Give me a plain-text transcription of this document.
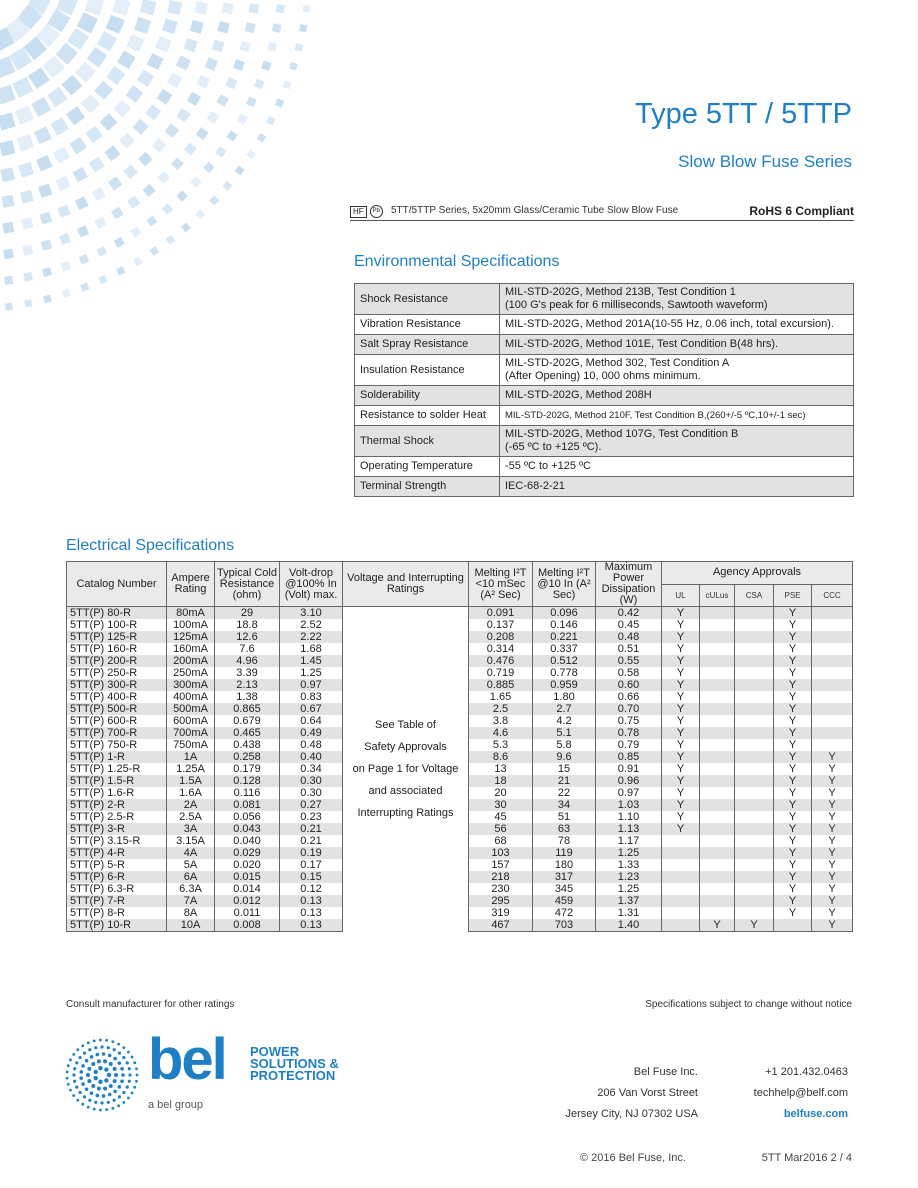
Type 5TT / 5TTP
Slow Blow Fuse Series
HF	Pb 5TT/5TTP Series, 5x20mm Glass/Ceramic Tube Slow Blow Fuse	RoHS 6 Compliant
Environmental Specifications
Shock Resistance	MIL-STD-202G, Method 213B, Test Condition 1
(100 G's peak for 6 milliseconds, Sawtooth waveform)

Vibration Resistance	MIL-STD-202G, Method 201A(10-55 Hz, 0.06 inch, total excursion).

Salt Spray Resistance	MIL-STD-202G, Method 101E, Test Condition B(48 hrs).

Insulation Resistance	MIL-STD-202G, Method 302, Test Condition A
(After Opening) 10, 000 ohms minimum.

Solderability	MIL-STD-202G, Method 208H

Resistance to solder Heat	MIL-STD-202G, Method 210F, Test Condition B,(260+/-5 ºC,10+/-1 sec)

Thermal Shock	MIL-STD-202G, Method 107G, Test Condition B
(-65 ºC to +125 ºC).

Operating Temperature	-55 ºC to +125 ºC

Terminal Strength	IEC-68-2-21
Electrical Specifications
Catalog Number	Ampere Rating	Typical Cold Resistance (ohm)	Volt-drop @100% In (Volt) max.	Voltage and Interrupting Ratings	Melting I²T <10 mSec (A² Sec)	Melting I²T @10 In (A² Sec)	Maximum Power Dissipation (W)	Agency Approvals				
								UL	cULus	CSA	PSE	CCC
5TT(P) 80-R	80mA	29	3.10	See Table of
Safety Approvals
on Page 1 for Voltage
and associated
Interrupting Ratings	0.091	0.096	0.42	Y			Y	
5TT(P) 100-R	100mA	18.8	2.52		0.137	0.146	0.45	Y			Y	
5TT(P) 125-R	125mA	12.6	2.22		0.208	0.221	0.48	Y			Y	
5TT(P) 160-R	160mA	7.6	1.68		0.314	0.337	0.51	Y			Y	
5TT(P) 200-R	200mA	4.96	1.45		0.476	0.512	0.55	Y			Y	
5TT(P) 250-R	250mA	3.39	1.25		0.719	0.778	0.58	Y			Y	
5TT(P) 300-R	300mA	2.13	0.97		0.885	0.959	0.60	Y			Y	
5TT(P) 400-R	400mA	1.38	0.83		1.65	1.80	0.66	Y			Y	
5TT(P) 500-R	500mA	0.865	0.67		2.5	2.7	0.70	Y			Y	
5TT(P) 600-R	600mA	0.679	0.64		3.8	4.2	0.75	Y			Y	
5TT(P) 700-R	700mA	0.465	0.49		4.6	5.1	0.78	Y			Y	
5TT(P) 750-R	750mA	0.438	0.48		5.3	5.8	0.79	Y			Y	
5TT(P) 1-R	1A	0.258	0.40		8.6	9.6	0.85	Y			Y	Y
5TT(P) 1.25-R	1.25A	0.179	0.34		13	15	0.91	Y			Y	Y
5TT(P) 1.5-R	1.5A	0.128	0.30		18	21	0.96	Y			Y	Y
5TT(P) 1.6-R	1.6A	0.116	0.30		20	22	0.97	Y			Y	Y
5TT(P) 2-R	2A	0.081	0.27		30	34	1.03	Y			Y	Y
5TT(P) 2.5-R	2.5A	0.056	0.23		45	51	1.10	Y			Y	Y
5TT(P) 3-R	3A	0.043	0.21		56	63	1.13	Y			Y	Y
5TT(P) 3.15-R	3.15A	0.040	0.21		68	78	1.17				Y	Y
5TT(P) 4-R	4A	0.029	0.19		103	119	1.25				Y	Y
5TT(P) 5-R	5A	0.020	0.17		157	180	1.33				Y	Y
5TT(P) 6-R	6A	0.015	0.15		218	317	1.23				Y	Y
5TT(P) 6.3-R	6.3A	0.014	0.12		230	345	1.25				Y	Y
5TT(P) 7-R	7A	0.012	0.13		295	459	1.37				Y	Y
5TT(P) 8-R	8A	0.011	0.13		319	472	1.31				Y	Y
5TT(P) 10-R	10A	0.008	0.13		467	703	1.40		Y	Y		Y
Consult manufacturer for other ratings	Specifications subject to change without notice
bel POWER
SOLUTIONS &
PROTECTION
a bel group
Bel Fuse Inc.
206 Van Vorst Street
Jersey City, NJ 07302 USA
+1 201.432.0463
techhelp@belf.com
belfuse.com
© 2016 Bel Fuse, Inc.	5TT Mar2016 2 / 4
